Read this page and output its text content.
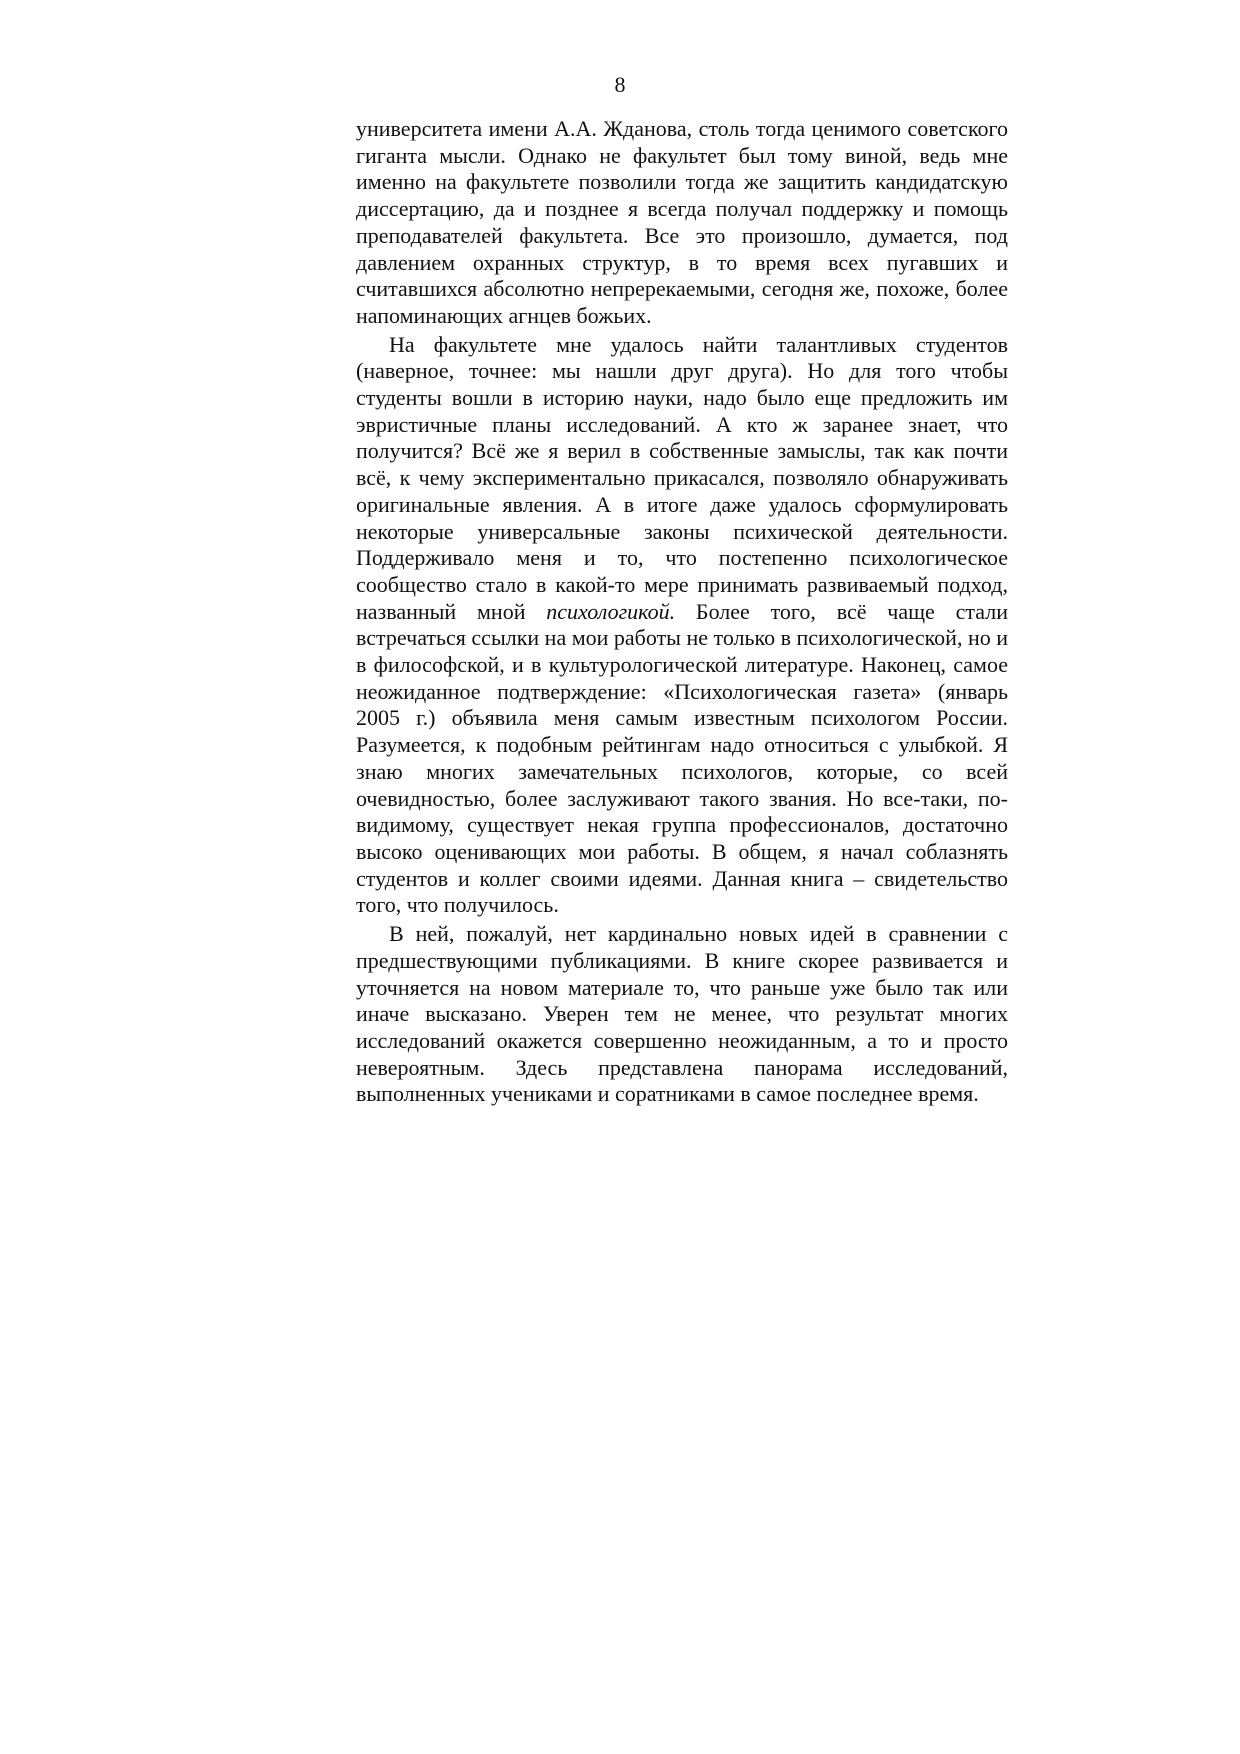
8

университета имени А.А. Жданова, столь тогда ценимого советского гиганта мысли. Однако не факультет был тому виной, ведь мне именно на факультете позволили тогда же защитить кандидатскую диссертацию, да и позднее я всегда получал поддержку и помощь преподавателей факультета. Все это произошло, думается, под давлением охранных структур, в то время всех пугавших и считавшихся абсолютно непререкаемыми, сегодня же, похоже, более напоминающих агнцев божьих.

На факультете мне удалось найти талантливых студентов (наверное, точнее: мы нашли друг друга). Но для того чтобы студенты вошли в историю науки, надо было еще предложить им эвристичные планы исследований. А кто ж заранее знает, что получится? Всё же я верил в собственные замыслы, так как почти всё, к чему экспериментально прикасался, позволяло обнаруживать оригинальные явления. А в итоге даже удалось сформулировать некоторые универсальные законы психической деятельности. Поддерживало меня и то, что постепенно психологическое сообщество стало в какой-то мере принимать развиваемый подход, названный мной психологикой. Более того, всё чаще стали встречаться ссылки на мои работы не только в психологической, но и в философской, и в культурологической литературе. Наконец, самое неожиданное подтверждение: «Психологическая газета» (январь 2005 г.) объявила меня самым известным психологом России. Разумеется, к подобным рейтингам надо относиться с улыбкой. Я знаю многих замечательных психологов, которые, со всей очевидностью, более заслуживают такого звания. Но все-таки, по-видимому, существует некая группа профессионалов, достаточно высоко оценивающих мои работы. В общем, я начал соблазнять студентов и коллег своими идеями. Данная книга – свидетельство того, что получилось.

В ней, пожалуй, нет кардинально новых идей в сравнении с предшествующими публикациями. В книге скорее развивается и уточняется на новом материале то, что раньше уже было так или иначе высказано. Уверен тем не менее, что результат многих исследований окажется совершенно неожиданным, а то и просто невероятным. Здесь представлена панорама исследований, выполненных учениками и соратниками в самое последнее время.
